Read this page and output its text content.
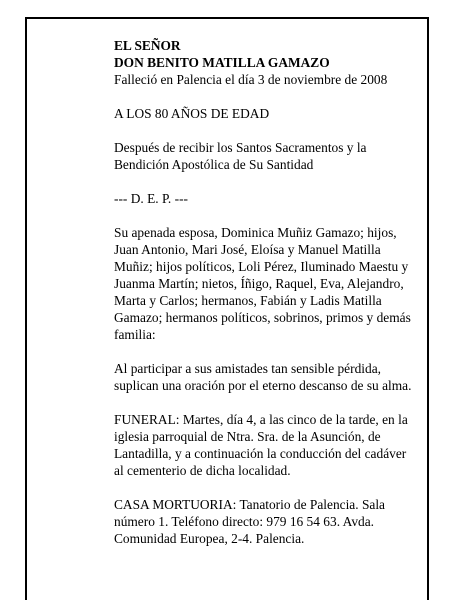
EL SEÑOR
DON BENITO MATILLA GAMAZO
Falleció en Palencia el día 3 de noviembre de 2008
A LOS 80 AÑOS DE EDAD
Después de recibir los Santos Sacramentos y la
Bendición Apostólica de Su Santidad
--- D. E. P. ---
Su apenada esposa, Dominica Muñiz Gamazo; hijos,
Juan Antonio, Mari José, Eloísa y Manuel Matilla
Muñiz; hijos políticos, Loli Pérez, Iluminado Maestu y
Juanma Martín; nietos, Íñigo, Raquel, Eva, Alejandro,
Marta y Carlos; hermanos, Fabián y Ladis Matilla
Gamazo; hermanos políticos, sobrinos, primos y demás
familia:
Al participar a sus amistades tan sensible pérdida,
suplican una oración por el eterno descanso de su alma.
FUNERAL: Martes, día 4, a las cinco de la tarde, en la
iglesia parroquial de Ntra. Sra. de la Asunción, de
Lantadilla, y a continuación la conducción del cadáver
al cementerio de dicha localidad.
CASA MORTUORIA: Tanatorio de Palencia. Sala
número 1. Teléfono directo: 979 16 54 63. Avda.
Comunidad Europea, 2-4. Palencia.
